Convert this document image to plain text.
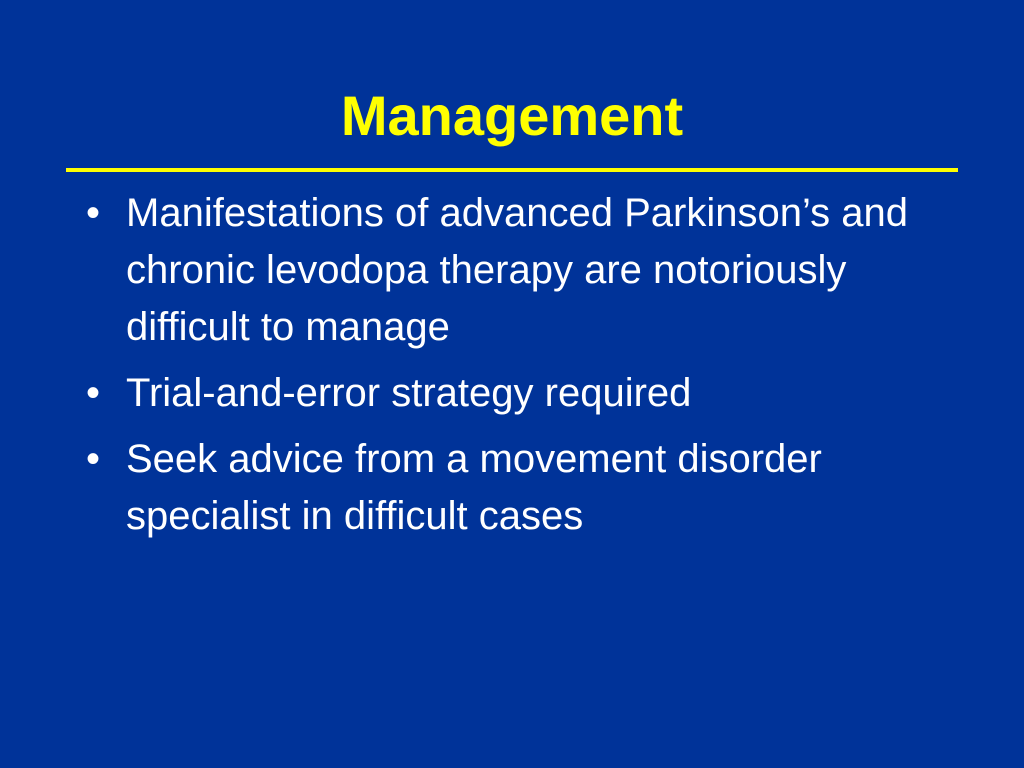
Management
• Manifestations of advanced Parkinson’s and chronic levodopa therapy are notoriously difficult to manage
• Trial-and-error strategy required
• Seek advice from a movement disorder specialist in difficult cases
